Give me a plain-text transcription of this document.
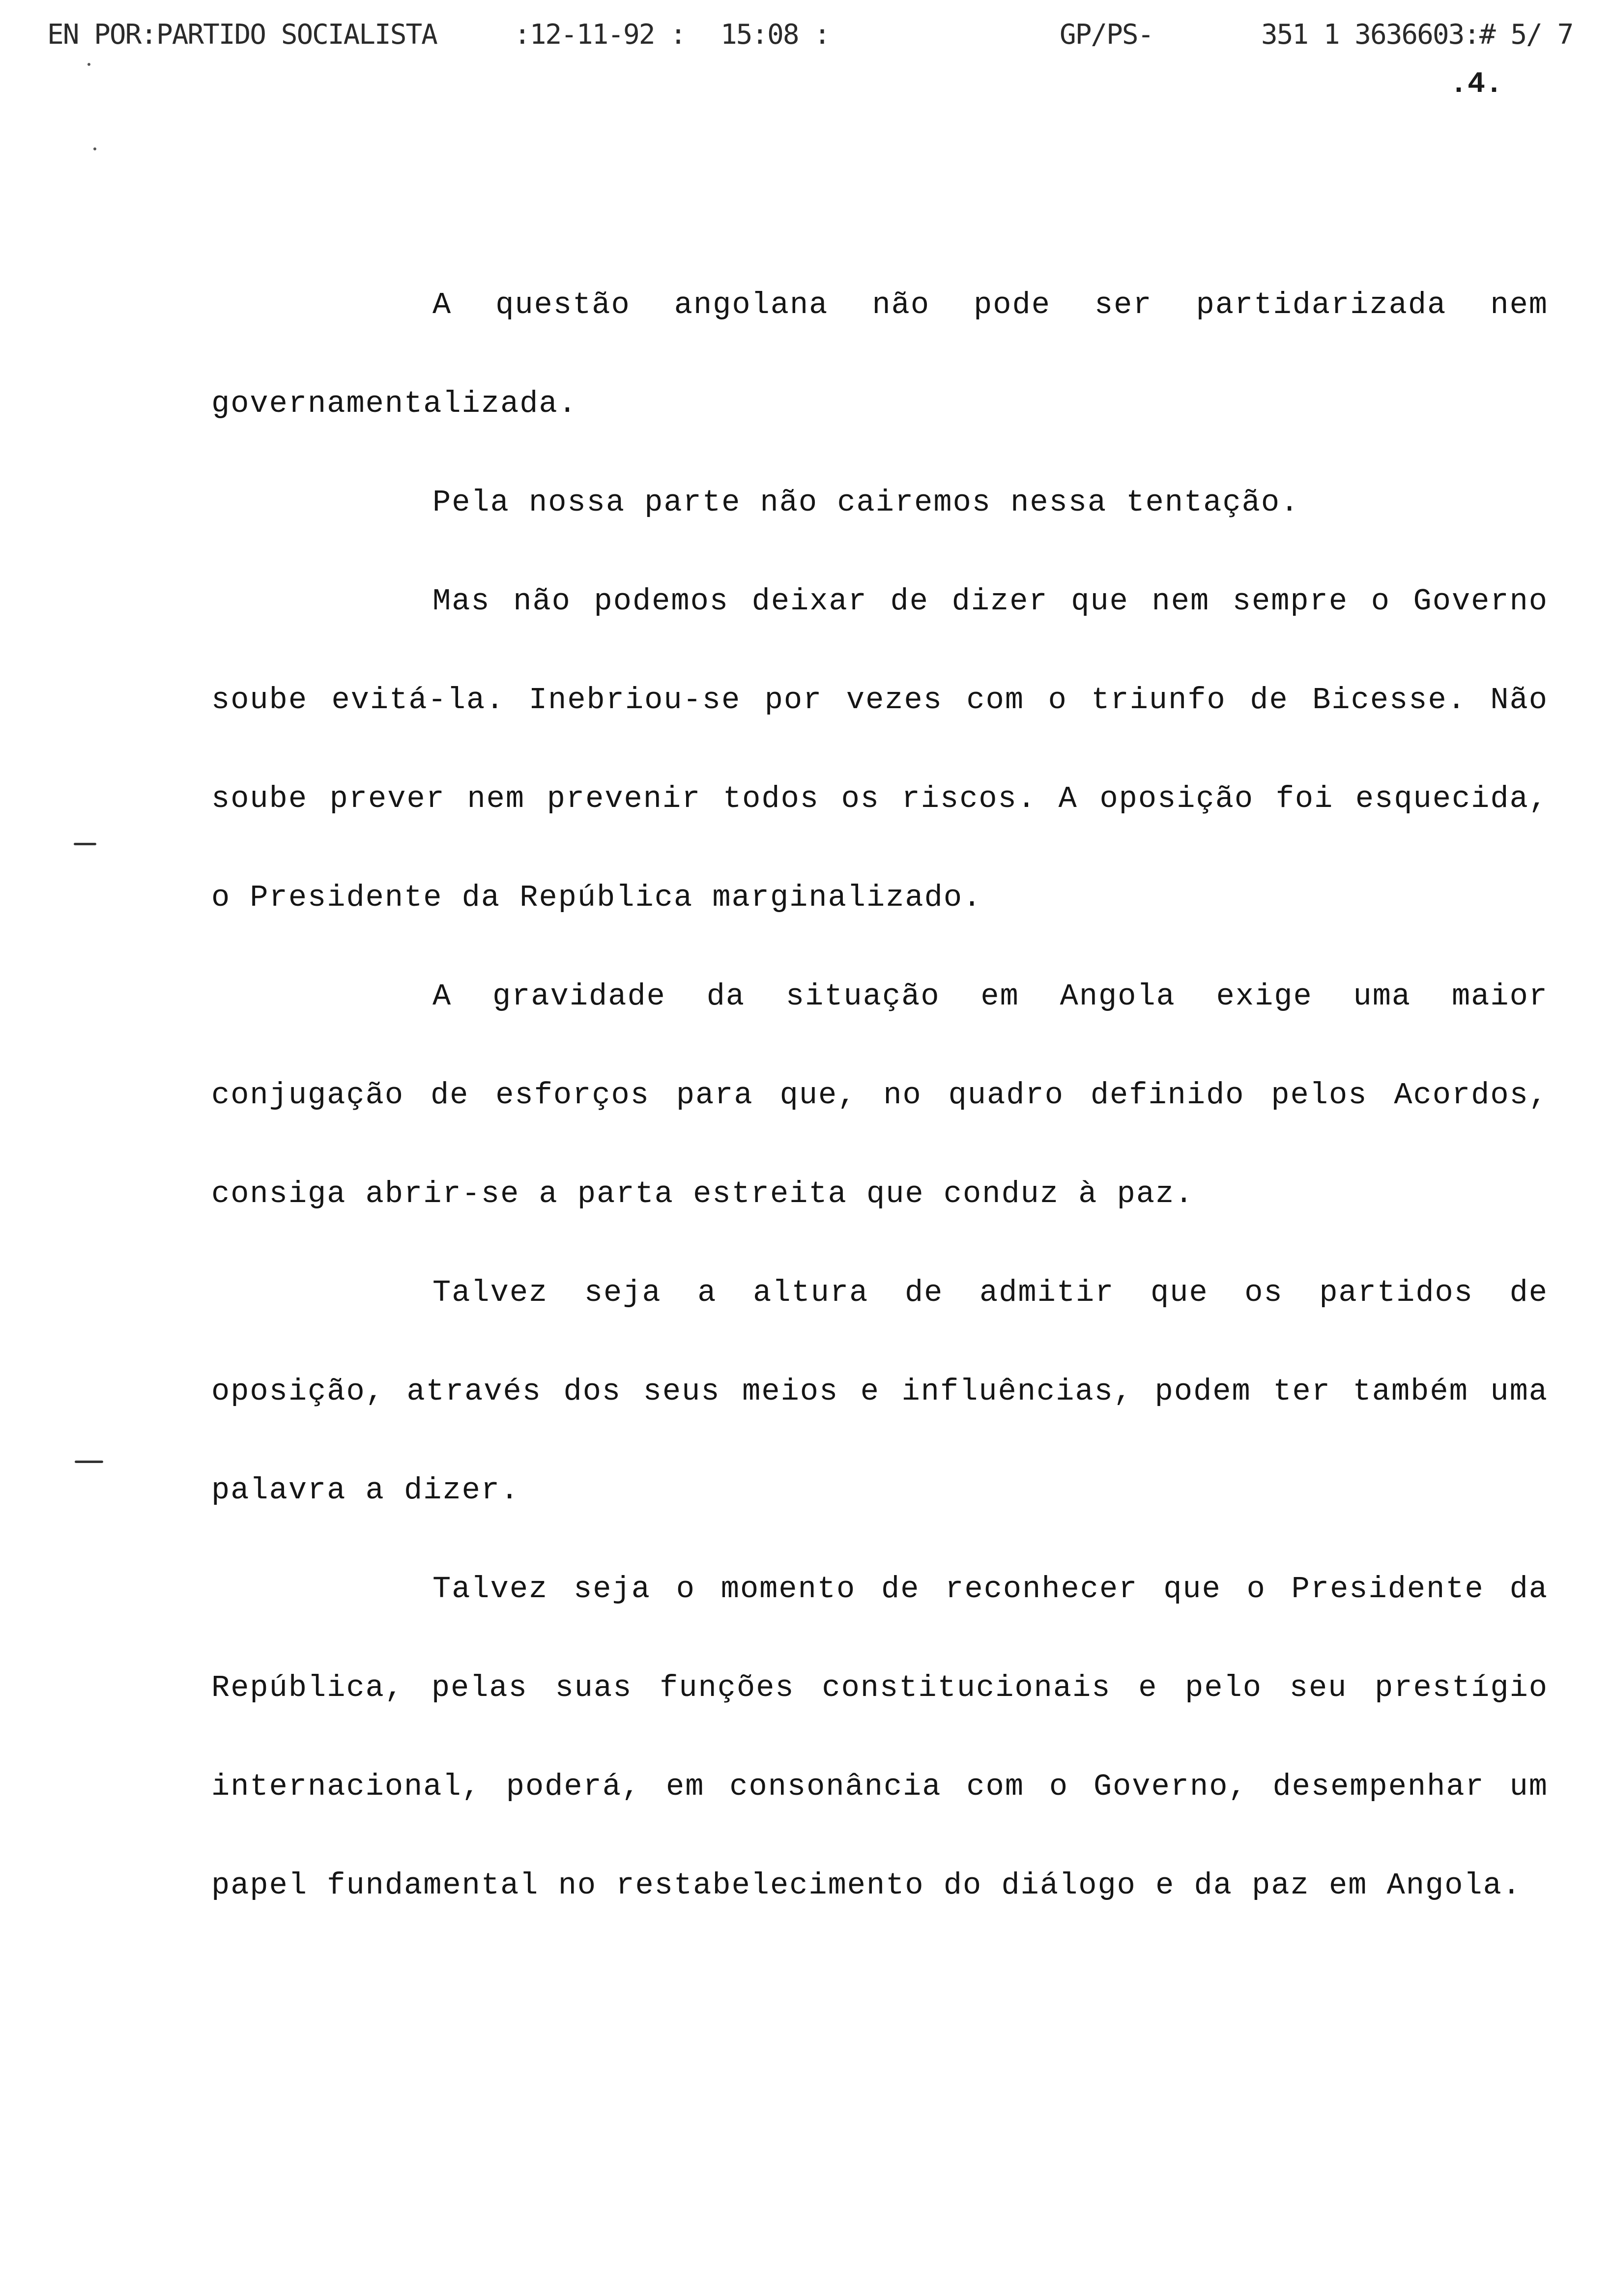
EN POR:PARTIDO SOCIALISTA	:12-11-92 : 15:08 :	GP/PS-	351 1 3636603:# 5/ 7
.4.

A questão angolana não pode ser partidarizada nem governamentalizada.

Pela nossa parte não cairemos nessa tentação.

Mas não podemos deixar de dizer que nem sempre o Governo soube evitá-la. Inebriou-se por vezes com o triunfo de Bicesse. Não soube prever nem prevenir todos os riscos. A oposição foi esquecida, o Presidente da República marginalizado.

A gravidade da situação em Angola exige uma maior conjugação de esforços para que, no quadro definido pelos Acordos, consiga abrir-se a parta estreita que conduz à paz.

Talvez seja a altura de admitir que os partidos de oposição, através dos seus meios e influências, podem ter também uma palavra a dizer.

Talvez seja o momento de reconhecer que o Presidente da República, pelas suas funções constitucionais e pelo seu prestígio internacional, poderá, em consonância com o Governo, desempenhar um papel fundamental no restabelecimento do diálogo e da paz em Angola.
